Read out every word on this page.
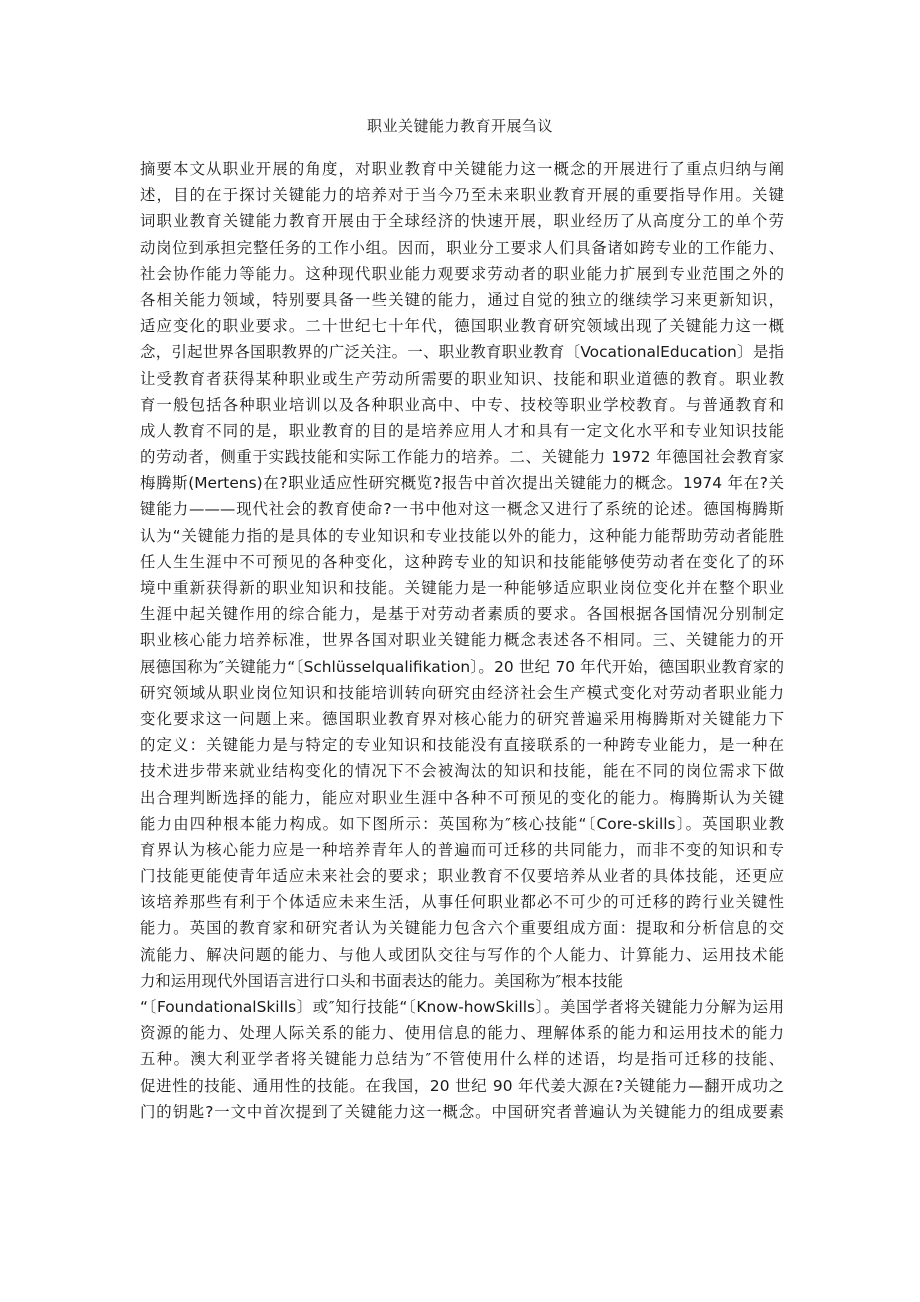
职业关键能力教育开展刍议
摘要本文从职业开展的角度，对职业教育中关键能力这一概念的开展进行了重点归纳与阐
述，目的在于探讨关键能力的培养对于当今乃至未来职业教育开展的重要指导作用。关键
词职业教育关键能力教育开展由于全球经济的快速开展，职业经历了从高度分工的单个劳
动岗位到承担完整任务的工作小组。因而，职业分工要求人们具备诸如跨专业的工作能力、
社会协作能力等能力。这种现代职业能力观要求劳动者的职业能力扩展到专业范围之外的
各相关能力领域，特别要具备一些关键的能力，通过自觉的独立的继续学习来更新知识，
适应变化的职业要求。二十世纪七十年代，德国职业教育研究领域出现了关键能力这一概
念，引起世界各国职教界的广泛关注。一、职业教育职业教育〔VocationalEducation〕是指
让受教育者获得某种职业或生产劳动所需要的职业知识、技能和职业道德的教育。职业教
育一般包括各种职业培训以及各种职业高中、中专、技校等职业学校教育。与普通教育和
成人教育不同的是，职业教育的目的是培养应用人才和具有一定文化水平和专业知识技能
的劳动者，侧重于实践技能和实际工作能力的培养。二、关键能力 1972 年德国社会教育家
梅腾斯(Mertens)在?职业适应性研究概览?报告中首次提出关键能力的概念。1974 年在?关
键能力———现代社会的教育使命?一书中他对这一概念又进行了系统的论述。德国梅腾斯
认为“关键能力指的是具体的专业知识和专业技能以外的能力，这种能力能帮助劳动者能胜
任人生生涯中不可预见的各种变化，这种跨专业的知识和技能能够使劳动者在变化了的环
境中重新获得新的职业知识和技能。关键能力是一种能够适应职业岗位变化并在整个职业
生涯中起关键作用的综合能力，是基于对劳动者素质的要求。各国根据各国情况分别制定
职业核心能力培养标准，世界各国对职业关键能力概念表述各不相同。三、关键能力的开
展德国称为″关键能力“〔Schlüsselqualifikation〕。20 世纪 70 年代开始，德国职业教育家的
研究领域从职业岗位知识和技能培训转向研究由经济社会生产模式变化对劳动者职业能力
变化要求这一问题上来。德国职业教育界对核心能力的研究普遍采用梅腾斯对关键能力下
的定义：关键能力是与特定的专业知识和技能没有直接联系的一种跨专业能力，是一种在
技术进步带来就业结构变化的情况下不会被淘汰的知识和技能，能在不同的岗位需求下做
出合理判断选择的能力，能应对职业生涯中各种不可预见的变化的能力。梅腾斯认为关键
能力由四种根本能力构成。如下图所示：英国称为″核心技能“〔Core-skills〕。英国职业教
育界认为核心能力应是一种培养青年人的普遍而可迁移的共同能力，而非不变的知识和专
门技能更能使青年适应未来社会的要求；职业教育不仅要培养从业者的具体技能，还更应
该培养那些有利于个体适应未来生活，从事任何职业都必不可少的可迁移的跨行业关键性
能力。英国的教育家和研究者认为关键能力包含六个重要组成方面：提取和分析信息的交
流能力、解决问题的能力、与他人或团队交往与写作的个人能力、计算能力、运用技术能
力和运用现代外国语言进行口头和书面表达的能力。美国称为″根本技能
“〔FoundationalSkills〕或″知行技能“〔Know-howSkills〕。美国学者将关键能力分解为运用
资源的能力、处理人际关系的能力、使用信息的能力、理解体系的能力和运用技术的能力
五种。澳大利亚学者将关键能力总结为″不管使用什么样的述语，均是指可迁移的技能、
促进性的技能、通用性的技能。在我国，20 世纪 90 年代姜大源在?关键能力—翻开成功之
门的钥匙?一文中首次提到了关键能力这一概念。中国研究者普遍认为关键能力的组成要素
